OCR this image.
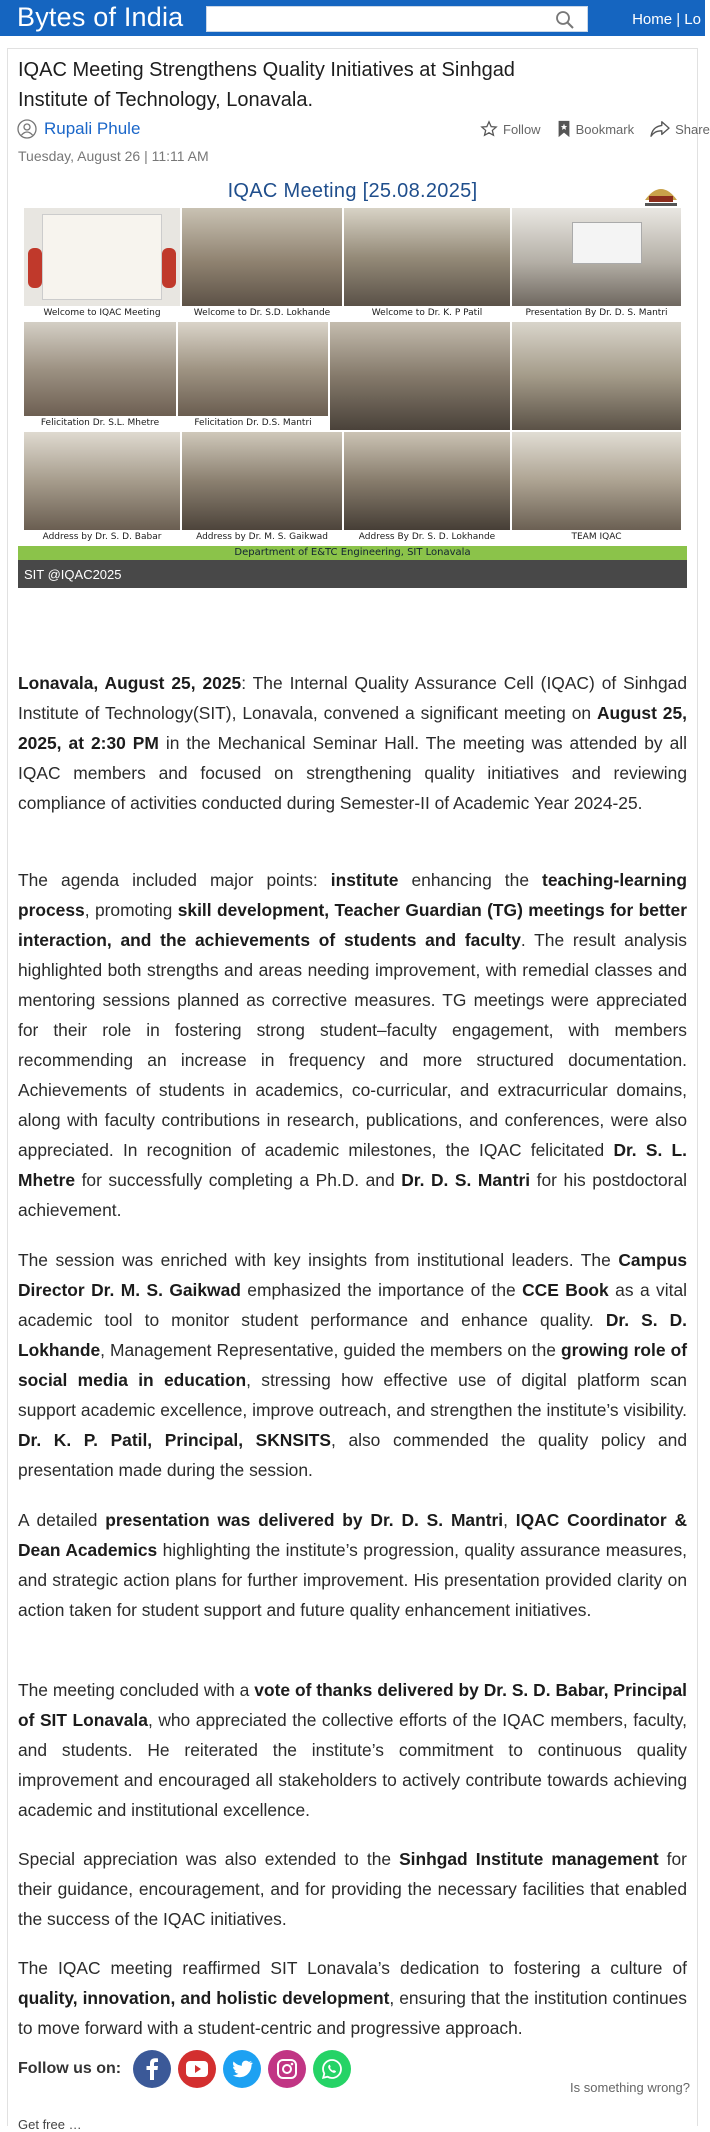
Bytes of India	Home | Lo
IQAC Meeting Strengthens Quality Initiatives at Sinhgad Institute of Technology, Lonavala.
Rupali Phule	Follow	Bookmark	Share
Tuesday, August 26 | 11:11 AM
IQAC Meeting [25.08.2025]
Welcome to IQAC Meeting	Welcome to Dr. S.D. Lokhande	Welcome to Dr. K. P Patil	Presentation By Dr. D. S. Mantri
Felicitation Dr. S.L. Mhetre	Felicitation Dr. D.S. Mantri
Address by Dr. S. D. Babar	Address by Dr. M. S. Gaikwad	Address By Dr. S. D. Lokhande	TEAM IQAC
Department of E&TC Engineering, SIT Lonavala
SIT @IQAC2025

Lonavala, August 25, 2025: The Internal Quality Assurance Cell (IQAC) of Sinhgad Institute of Technology(SIT), Lonavala, convened a significant meeting on August 25, 2025, at 2:30 PM in the Mechanical Seminar Hall. The meeting was attended by all IQAC members and focused on strengthening quality initiatives and reviewing compliance of activities conducted during Semester-II of Academic Year 2024-25.

The agenda included major points: institute enhancing the teaching-learning process, promoting skill development, Teacher Guardian (TG) meetings for better interaction, and the achievements of students and faculty. The result analysis highlighted both strengths and areas needing improvement, with remedial classes and mentoring sessions planned as corrective measures. TG meetings were appreciated for their role in fostering strong student–faculty engagement, with members recommending an increase in frequency and more structured documentation. Achievements of students in academics, co-curricular, and extracurricular domains, along with faculty contributions in research, publications, and conferences, were also appreciated. In recognition of academic milestones, the IQAC felicitated Dr. S. L. Mhetre for successfully completing a Ph.D. and Dr. D. S. Mantri for his postdoctoral achievement.

The session was enriched with key insights from institutional leaders. The Campus Director Dr. M. S. Gaikwad emphasized the importance of the CCE Book as a vital academic tool to monitor student performance and enhance quality. Dr. S. D. Lokhande, Management Representative, guided the members on the growing role of social media in education, stressing how effective use of digital platform scan support academic excellence, improve outreach, and strengthen the institute’s visibility. Dr. K. P. Patil, Principal, SKNSITS, also commended the quality policy and presentation made during the session.

A detailed presentation was delivered by Dr. D. S. Mantri, IQAC Coordinator & Dean Academics highlighting the institute’s progression, quality assurance measures, and strategic action plans for further improvement. His presentation provided clarity on action taken for student support and future quality enhancement initiatives.

The meeting concluded with a vote of thanks delivered by Dr. S. D. Babar, Principal of SIT Lonavala, who appreciated the collective efforts of the IQAC members, faculty, and students. He reiterated the institute’s commitment to continuous quality improvement and encouraged all stakeholders to actively contribute towards achieving academic and institutional excellence.

Special appreciation was also extended to the Sinhgad Institute management for their guidance, encouragement, and for providing the necessary facilities that enabled the success of the IQAC initiatives.

The IQAC meeting reaffirmed SIT Lonavala’s dedication to fostering a culture of quality, innovation, and holistic development, ensuring that the institution continues to move forward with a student-centric and progressive approach.

Follow us on:
Is something wrong?
Get free …
